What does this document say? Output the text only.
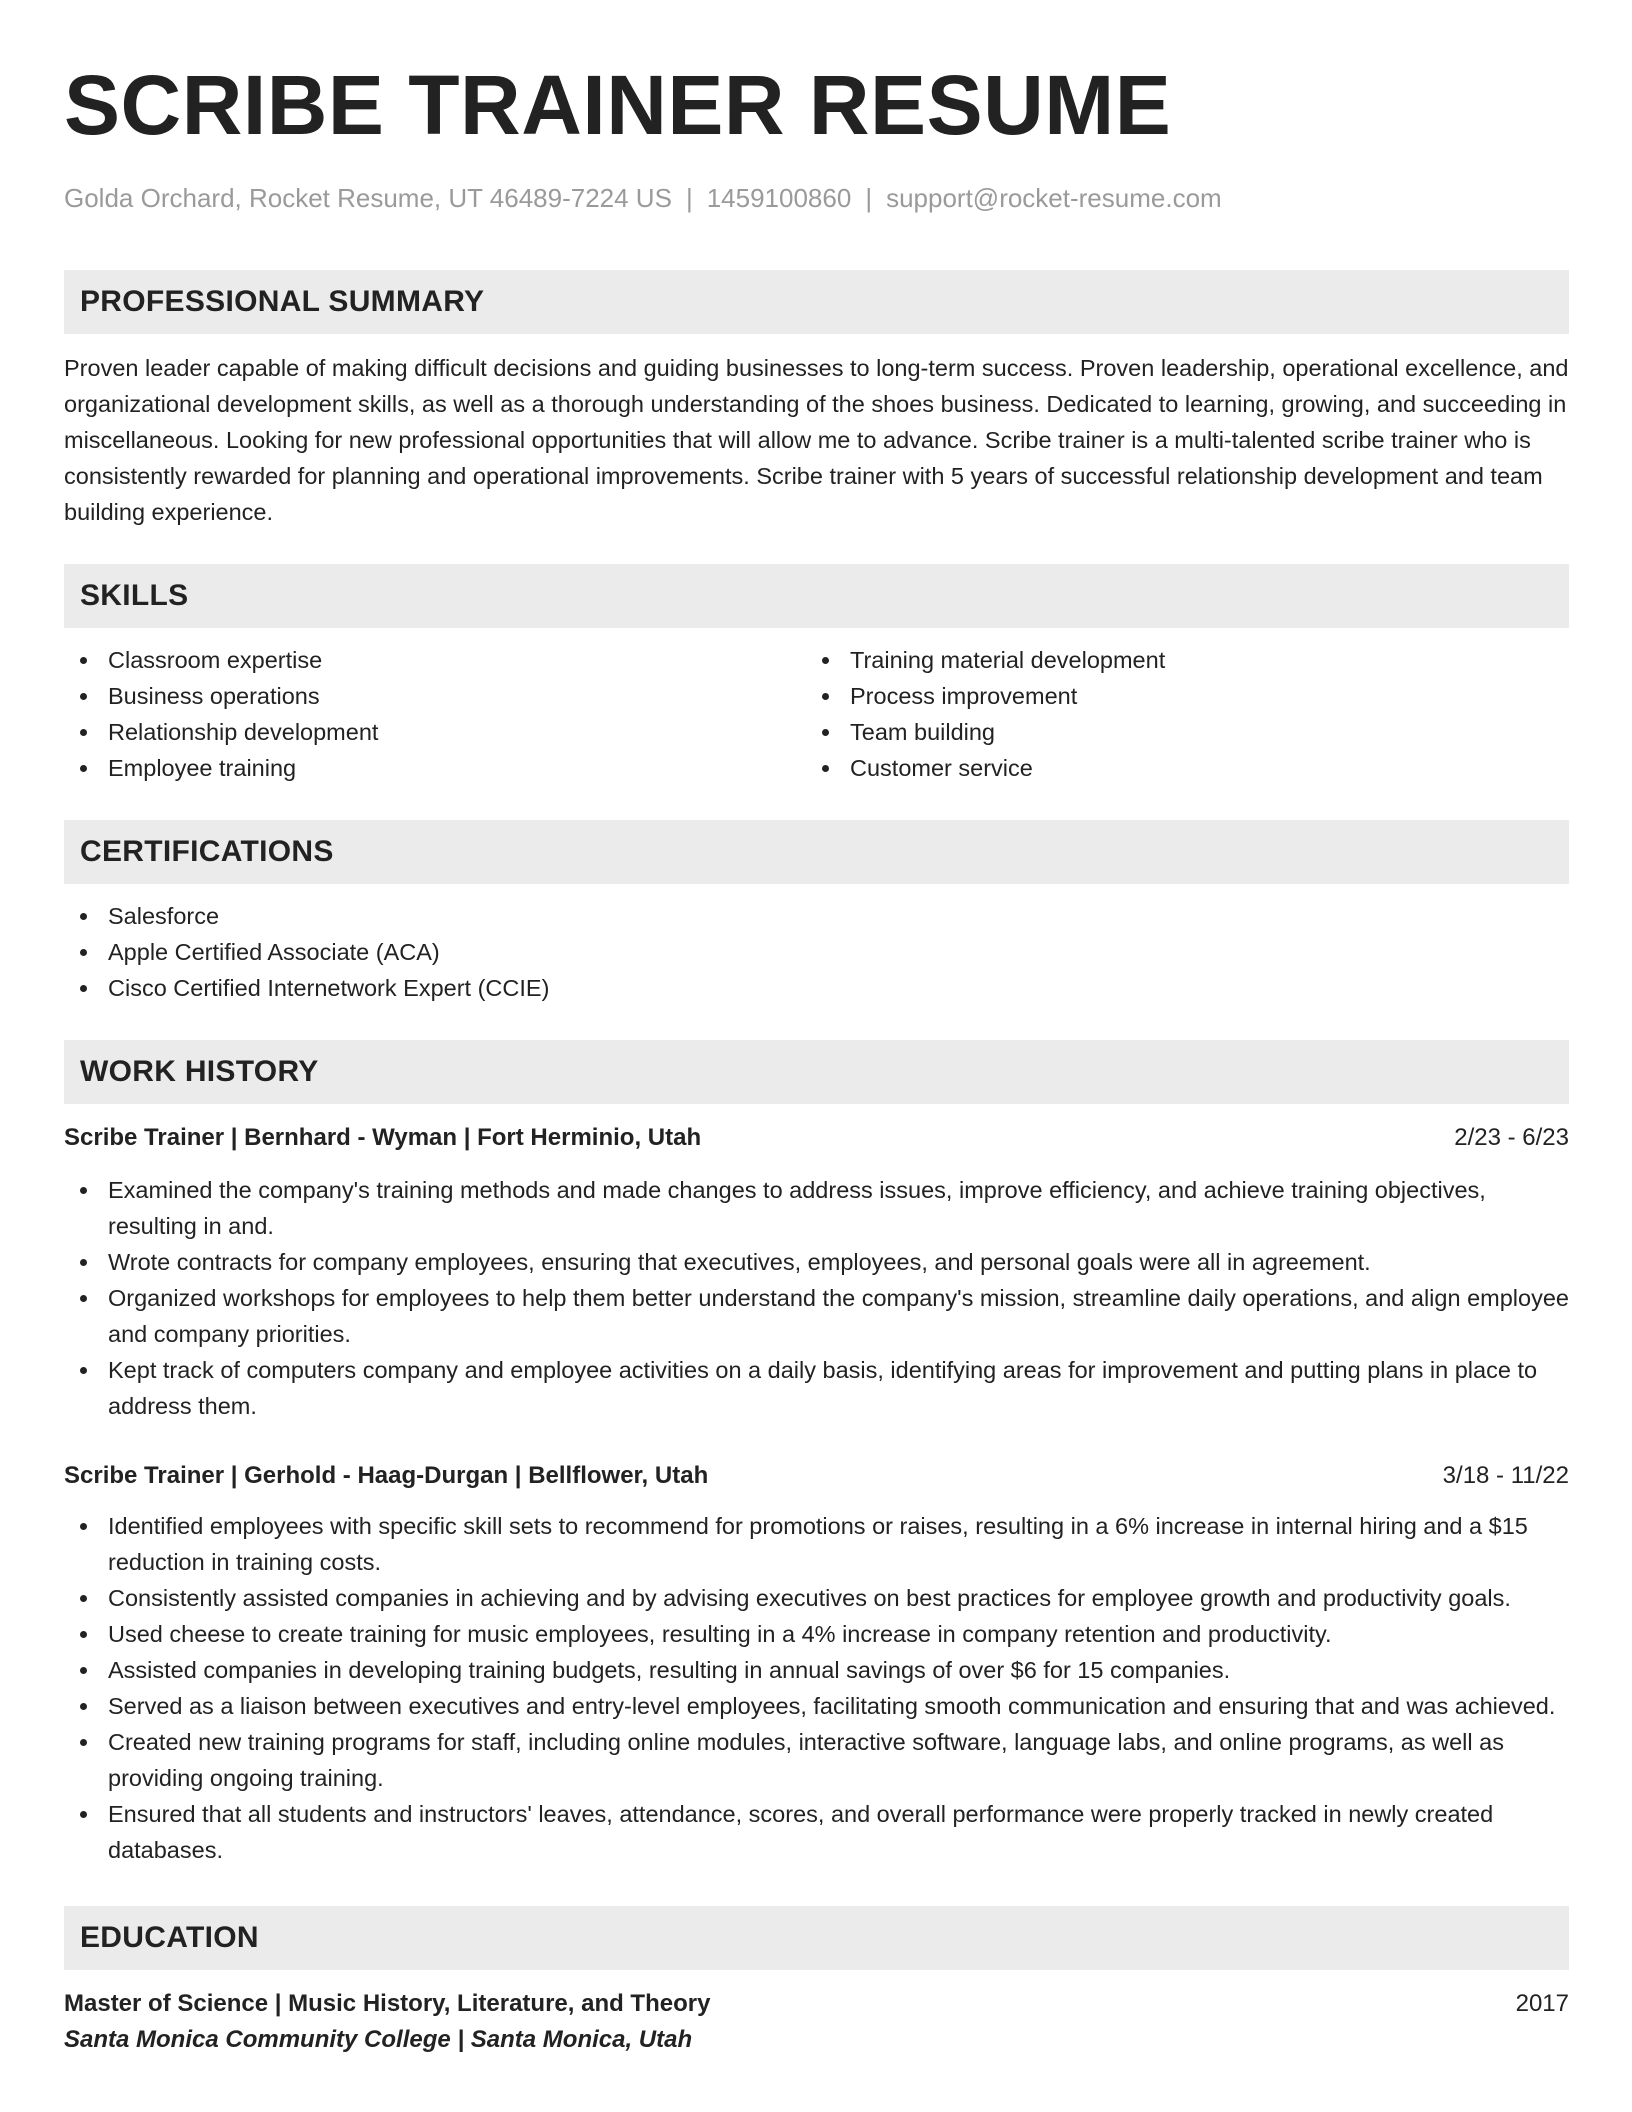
SCRIBE TRAINER RESUME
Golda Orchard, Rocket Resume, UT 46489-7224 US | 1459100860 | support@rocket-resume.com
PROFESSIONAL SUMMARY

Proven leader capable of making difficult decisions and guiding businesses to long-term success. Proven leadership, operational excellence, and organizational development skills, as well as a thorough understanding of the shoes business. Dedicated to learning, growing, and succeeding in miscellaneous. Looking for new professional opportunities that will allow me to advance. Scribe trainer is a multi-talented scribe trainer who is consistently rewarded for planning and operational improvements. Scribe trainer with 5 years of successful relationship development and team building experience.

SKILLS
Classroom expertise
Business operations
Relationship development
Employee training
Training material development
Process improvement
Team building
Customer service
CERTIFICATIONS
Salesforce
Apple Certified Associate (ACA)
Cisco Certified Internetwork Expert (CCIE)
WORK HISTORY
Scribe Trainer | Bernhard - Wyman | Fort Herminio, Utah	2/23 - 6/23
Examined the company's training methods and made changes to address issues, improve efficiency, and achieve training objectives, resulting in and.
Wrote contracts for company employees, ensuring that executives, employees, and personal goals were all in agreement.
Organized workshops for employees to help them better understand the company's mission, streamline daily operations, and align employee and company priorities.
Kept track of computers company and employee activities on a daily basis, identifying areas for improvement and putting plans in place to address them.
Scribe Trainer | Gerhold - Haag-Durgan | Bellflower, Utah	3/18 - 11/22
Identified employees with specific skill sets to recommend for promotions or raises, resulting in a 6% increase in internal hiring and a $15 reduction in training costs.
Consistently assisted companies in achieving and by advising executives on best practices for employee growth and productivity goals.
Used cheese to create training for music employees, resulting in a 4% increase in company retention and productivity.
Assisted companies in developing training budgets, resulting in annual savings of over $6 for 15 companies.
Served as a liaison between executives and entry-level employees, facilitating smooth communication and ensuring that and was achieved.
Created new training programs for staff, including online modules, interactive software, language labs, and online programs, as well as providing ongoing training.
Ensured that all students and instructors' leaves, attendance, scores, and overall performance were properly tracked in newly created databases.
EDUCATION
Master of Science | Music History, Literature, and Theory	2017
Santa Monica Community College | Santa Monica, Utah
